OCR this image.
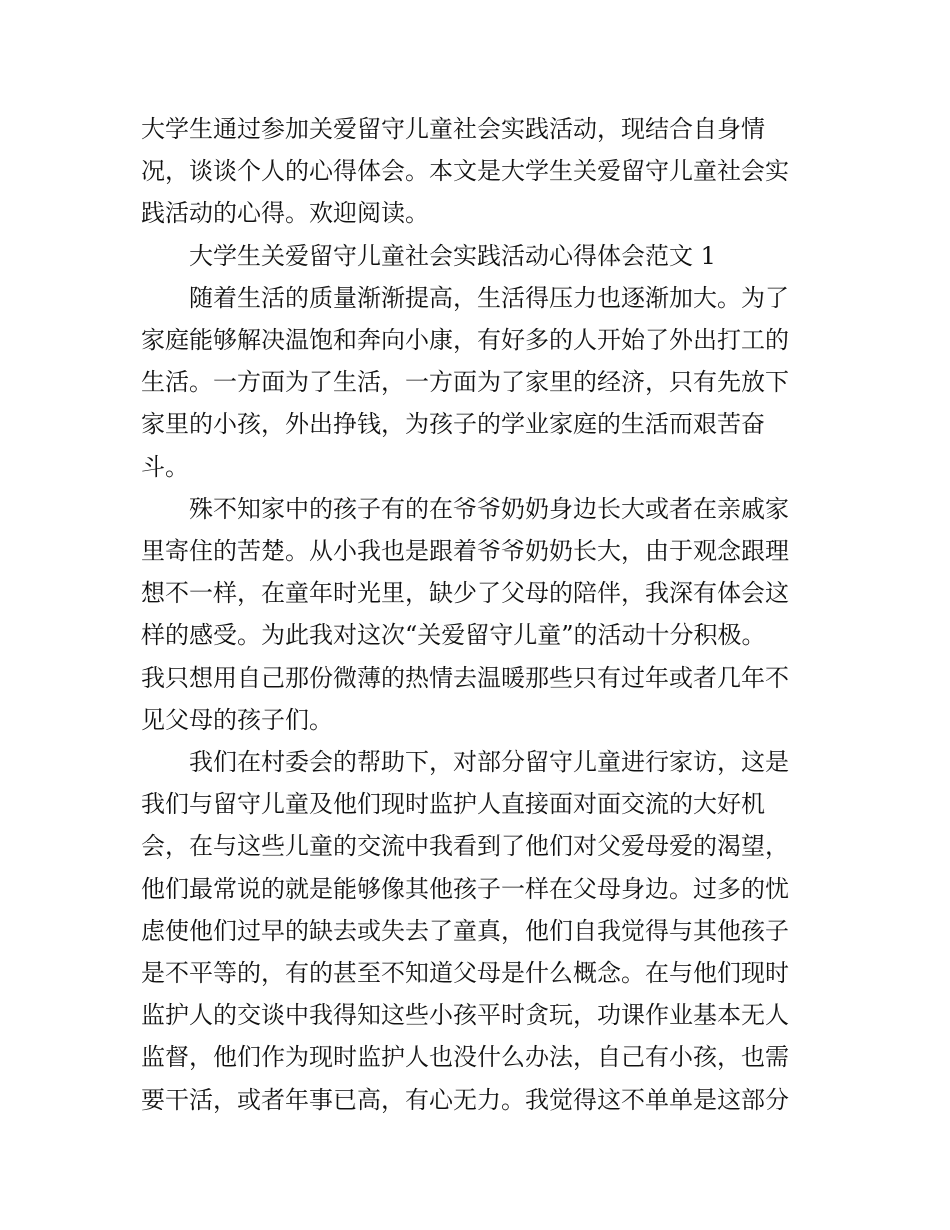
大学生通过参加关爱留守儿童社会实践活动，现结合自身情
况，谈谈个人的心得体会。本文是大学生关爱留守儿童社会实
践活动的心得。欢迎阅读。

大学生关爱留守儿童社会实践活动心得体会范文 1

随着生活的质量渐渐提高，生活得压力也逐渐加大。为了
家庭能够解决温饱和奔向小康，有好多的人开始了外出打工的
生活。一方面为了生活，一方面为了家里的经济，只有先放下
家里的小孩，外出挣钱，为孩子的学业家庭的生活而艰苦奋
斗。

殊不知家中的孩子有的在爷爷奶奶身边长大或者在亲戚家
里寄住的苦楚。从小我也是跟着爷爷奶奶长大，由于观念跟理
想不一样，在童年时光里，缺少了父母的陪伴，我深有体会这
样的感受。为此我对这次“关爱留守儿童”的活动十分积极。
我只想用自己那份微薄的热情去温暖那些只有过年或者几年不
见父母的孩子们。

我们在村委会的帮助下，对部分留守儿童进行家访，这是
我们与留守儿童及他们现时监护人直接面对面交流的大好机
会，在与这些儿童的交流中我看到了他们对父爱母爱的渴望，
他们最常说的就是能够像其他孩子一样在父母身边。过多的忧
虑使他们过早的缺去或失去了童真，他们自我觉得与其他孩子
是不平等的，有的甚至不知道父母是什么概念。在与他们现时
监护人的交谈中我得知这些小孩平时贪玩，功课作业基本无人
监督，他们作为现时监护人也没什么办法，自己有小孩，也需
要干活，或者年事已高，有心无力。我觉得这不单单是这部分
